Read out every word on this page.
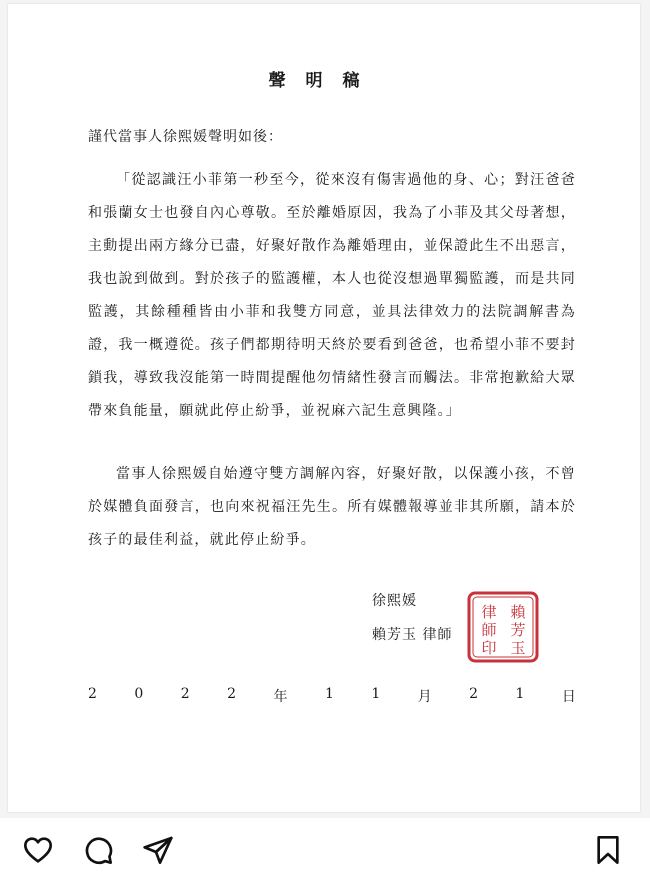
聲明稿
謹代當事人徐熙媛聲明如後：
「從認識汪小菲第一秒至今，從來沒有傷害過他的身、心；對汪爸爸和張蘭女士也發自內心尊敬。至於離婚原因，我為了小菲及其父母著想，主動提出兩方緣分已盡，好聚好散作為離婚理由，並保證此生不出惡言，我也說到做到。對於孩子的監護權，本人也從沒想過單獨監護，而是共同監護，其餘種種皆由小菲和我雙方同意，並具法律效力的法院調解書為證，我一概遵從。孩子們都期待明天終於要看到爸爸，也希望小菲不要封鎖我，導致我沒能第一時間提醒他勿情緒性發言而觸法。非常抱歉給大眾帶來負能量，願就此停止紛爭，並祝麻六記生意興隆。」
當事人徐熙媛自始遵守雙方調解內容，好聚好散，以保護小孩，不曾於媒體負面發言，也向來祝福汪先生。所有媒體報導並非其所願，請本於孩子的最佳利益，就此停止紛爭。
徐熙媛
賴芳玉 律師
賴
芳
玉
律
師
印
2	0	2	2	年	1	1	月	2	1	日
